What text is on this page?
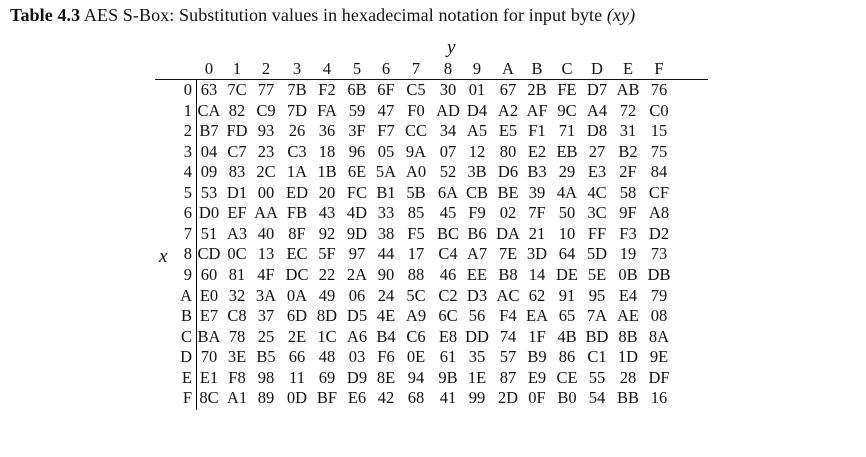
Table 4.3 AES S-Box: Substitution values in hexadecimal notation for input byte (xy)
y
x
0 1 2 3 4 5 6 7 8 9 A B C D E F
0 63 7C 77 7B F2 6B 6F C5 30 01 67 2B FE D7 AB 76
1 CA 82 C9 7D FA 59 47 F0 AD D4 A2 AF 9C A4 72 C0
2 B7 FD 93 26 36 3F F7 CC 34 A5 E5 F1 71 D8 31 15
3 04 C7 23 C3 18 96 05 9A 07 12 80 E2 EB 27 B2 75
4 09 83 2C 1A 1B 6E 5A A0 52 3B D6 B3 29 E3 2F 84
5 53 D1 00 ED 20 FC B1 5B 6A CB BE 39 4A 4C 58 CF
6 D0 EF AA FB 43 4D 33 85 45 F9 02 7F 50 3C 9F A8
7 51 A3 40 8F 92 9D 38 F5 BC B6 DA 21 10 FF F3 D2
8 CD 0C 13 EC 5F 97 44 17 C4 A7 7E 3D 64 5D 19 73
9 60 81 4F DC 22 2A 90 88 46 EE B8 14 DE 5E 0B DB
A E0 32 3A 0A 49 06 24 5C C2 D3 AC 62 91 95 E4 79
B E7 C8 37 6D 8D D5 4E A9 6C 56 F4 EA 65 7A AE 08
C BA 78 25 2E 1C A6 B4 C6 E8 DD 74 1F 4B BD 8B 8A
D 70 3E B5 66 48 03 F6 0E 61 35 57 B9 86 C1 1D 9E
E E1 F8 98 11 69 D9 8E 94 9B 1E 87 E9 CE 55 28 DF
F 8C A1 89 0D BF E6 42 68 41 99 2D 0F B0 54 BB 16
